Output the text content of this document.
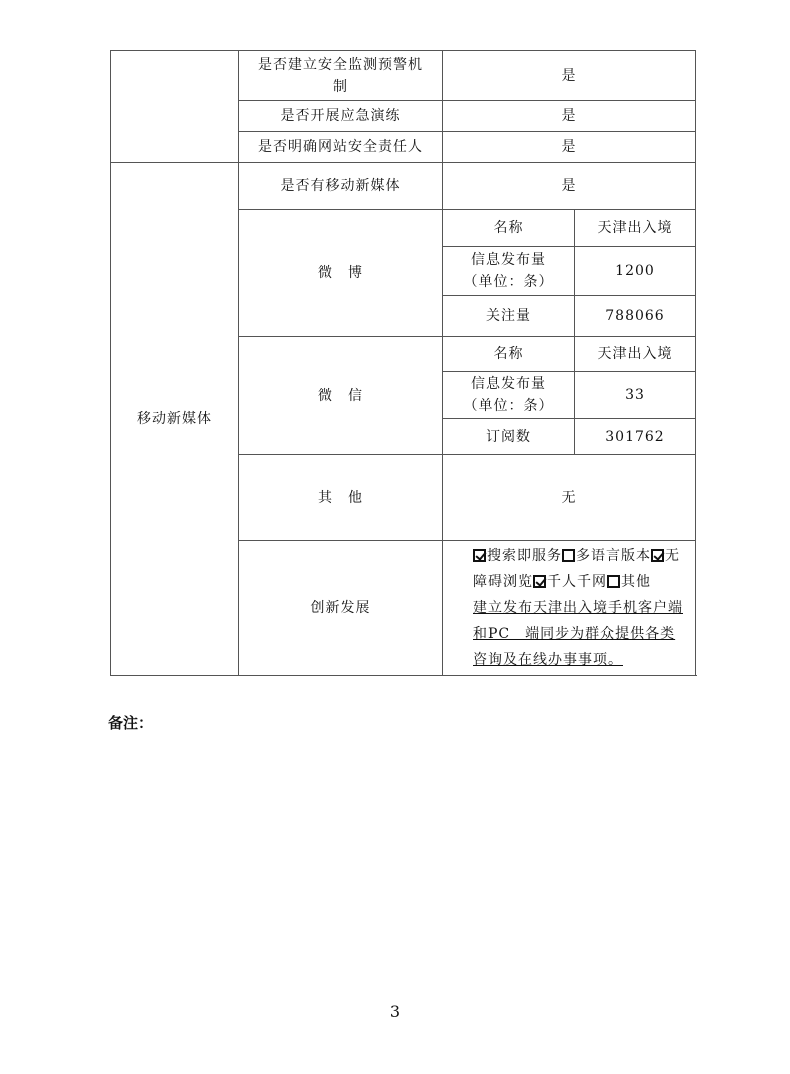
	是否建立安全监测预警机制	是	
	是否开展应急演练	是	
	是否明确网站安全责任人	是	
移动新媒体	是否有移动新媒体	是	
	微　博	名称	天津出入境
		信息发布量（单位：条）	1200
		关注量	788066
	微　信	名称	天津出入境
		信息发布量（单位：条）	33
		订阅数	301762
	其　他	无	
	创新发展	搜索即服务 多语言版本 无障碍浏览 千人千网 其他
建立发布天津出入境手机客户端和PC　端同步为群众提供各类咨询及在线办事事项。	
备注：
3
